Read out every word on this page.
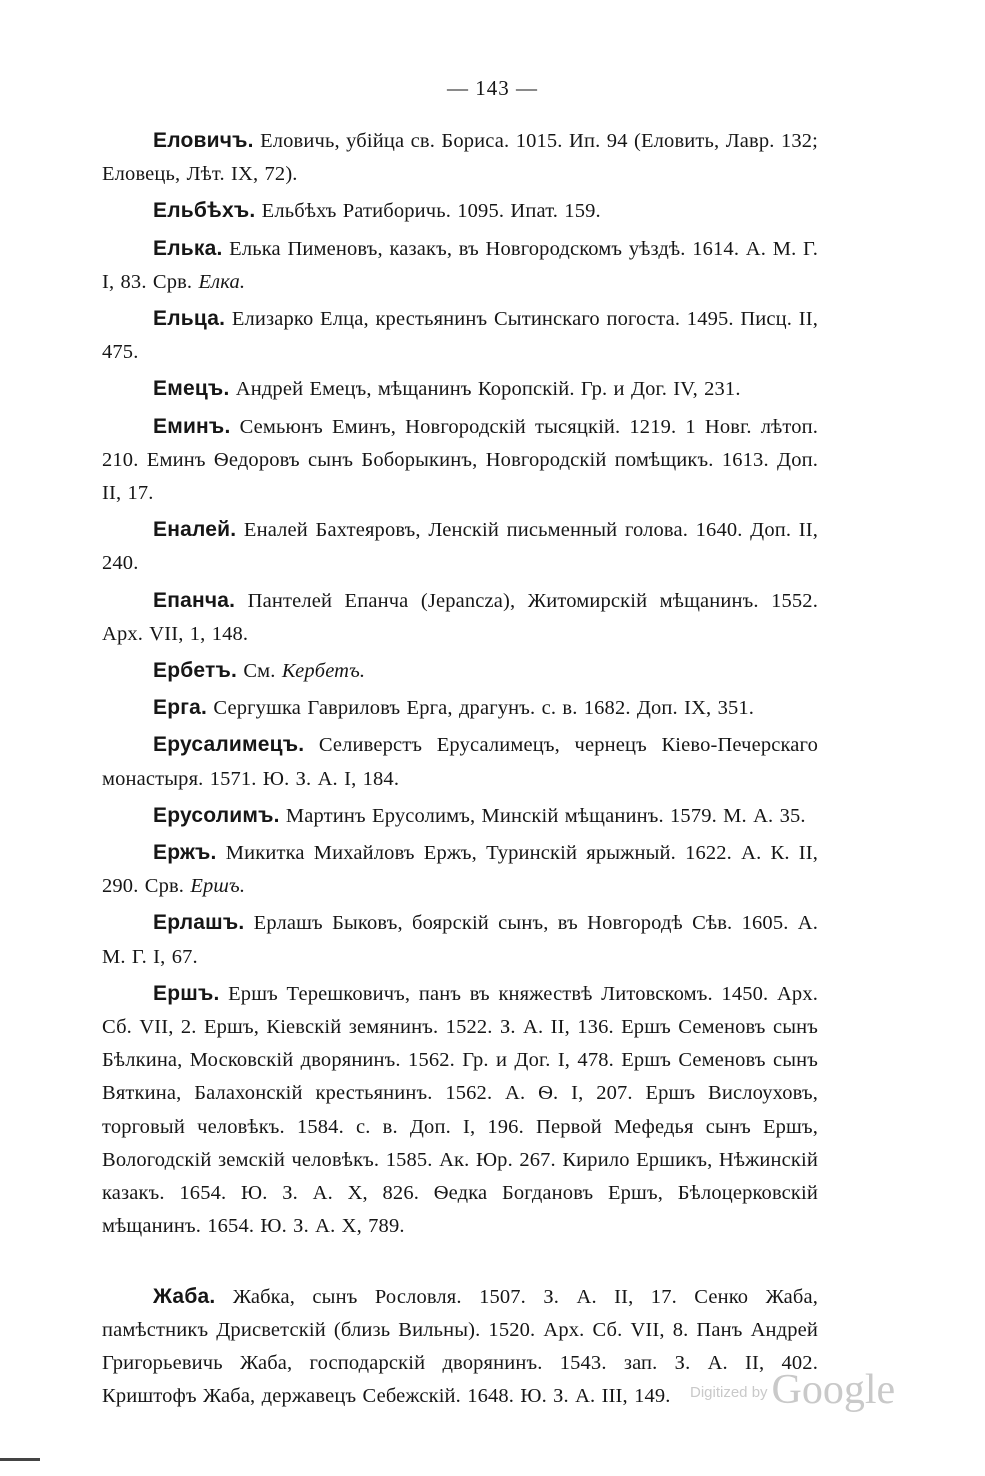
— 143 —

Еловичъ. Еловичь, убiйца св. Бориса. 1015. Ип. 94 (Еловить, Лавр. 132; Еловець, Лѣт. IX, 72).

Ельбѣхъ. Ельбѣхъ Ратиборичь. 1095. Ипат. 159.

Елька. Елька Пименовъ, казакъ, въ Новгородскомъ уѣздѣ. 1614. А. М. Г. I, 83. Срв. Елка.

Ельца. Елизарко Елца, крестьянинъ Сытинскаго погоста. 1495. Писц. II, 475.

Емецъ. Андрей Емецъ, мѣщанинъ Коропскiй. Гр. и Дог. IV, 231.

Еминъ. Семьюнъ Еминъ, Новгородскiй тысяцкiй. 1219. 1 Новг. лѣтоп. 210. Еминъ Ѳедоровъ сынъ Боборыкинъ, Новгородскiй помѣщикъ. 1613. Доп. II, 17.

Еналей. Еналей Бахтеяровъ, Ленскiй письменный голова. 1640. Доп. II, 240.

Епанча. Пантелей Епанча (Jepancza), Житомирскiй мѣщанинъ. 1552. Арх. VII, 1, 148.

Ербетъ. См. Кербетъ.

Ерга. Сергушка Гавриловъ Ерга, драгунъ. с. в. 1682. Доп. IX, 351.

Ерусалимецъ. Селиверстъ Ерусалимецъ, чернецъ Кiево-Печерскаго монастыря. 1571. Ю. З. А. I, 184.

Ерусолимъ. Мартинъ Ерусолимъ, Минскiй мѣщанинъ. 1579. М. А. 35.

Ержъ. Микитка Михайловъ Ержъ, Туринскiй ярыжный. 1622. А. К. II, 290. Срв. Ершъ.

Ерлашъ. Ерлашъ Быковъ, боярскiй сынъ, въ Новгородѣ Сѣв. 1605. А. М. Г. I, 67.

Ершъ. Ершъ Терешковичъ, панъ въ княжествѣ Литовскомъ. 1450. Арх. Сб. VII, 2. Ершъ, Кiевскiй земянинъ. 1522. З. А. II, 136. Ершъ Семеновъ сынъ Бѣлкина, Московскiй дворянинъ. 1562. Гр. и Дог. I, 478. Ершъ Семеновъ сынъ Вяткина, Балахонскiй крестьянинъ. 1562. А. Ѳ. I, 207. Ершъ Вислоуховъ, торговый человѣкъ. 1584. с. в. Доп. I, 196. Первой Мефедья сынъ Ершъ, Вологодскiй земскiй человѣкъ. 1585. Ак. Юр. 267. Кирило Ершикъ, Нѣжинскiй казакъ. 1654. Ю. З. А. X, 826. Ѳедка Богдановъ Ершъ, Бѣлоцерковскiй мѣщанинъ. 1654. Ю. З. А. X, 789.

Жаба. Жабка, сынъ Рословля. 1507. З. А. II, 17. Сенко Жаба, памѣстникъ Дрисветскiй (близь Вильны). 1520. Арх. Сб. VII, 8. Панъ Андрей Григорьевичь Жаба, господарскiй дворянинъ. 1543. зап. З. А. II, 402. Криштофъ Жаба, державецъ Себежскiй. 1648. Ю. З. А. III, 149.	Digitized by Google
